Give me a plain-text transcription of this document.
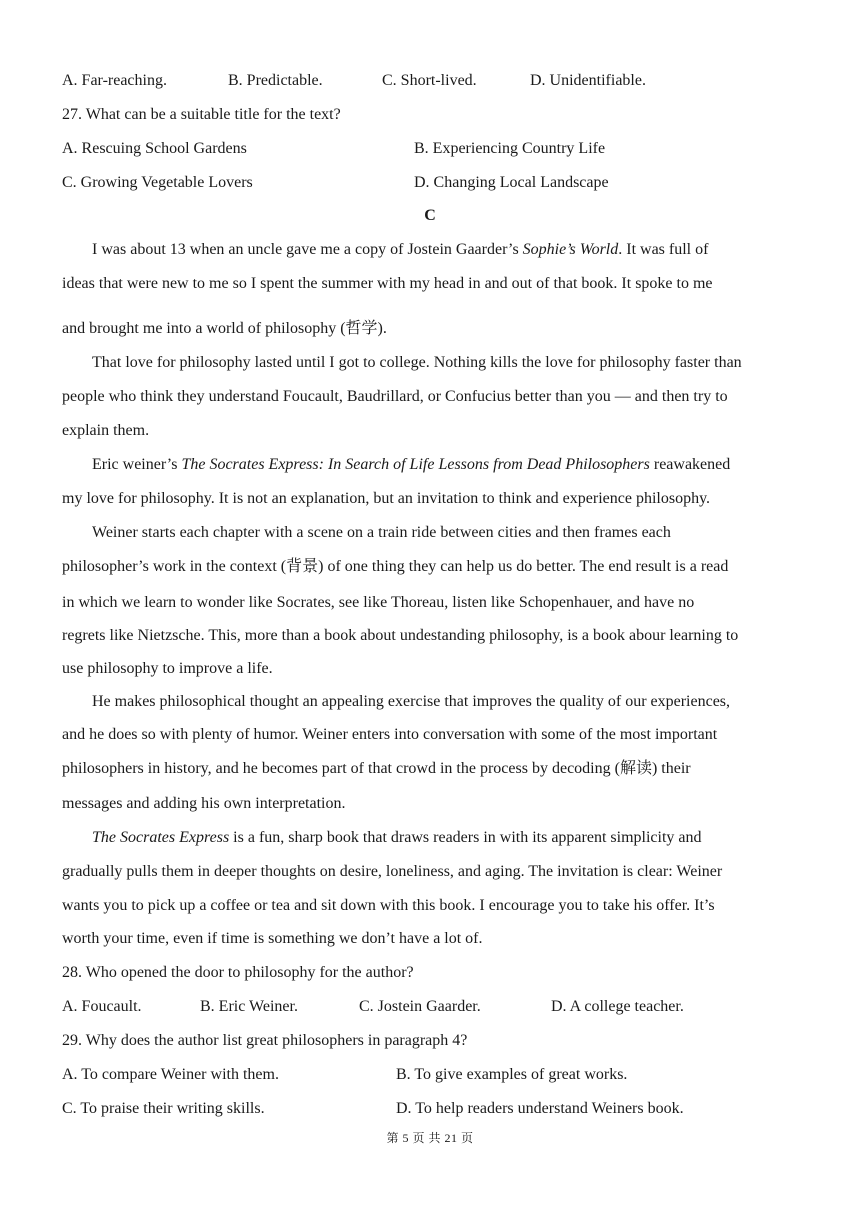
A. Far-reaching.	B. Predictable.	C. Short-lived.	D. Unidentifiable.
27. What can be a suitable title for the text?
A. Rescuing School Gardens	B. Experiencing Country Life
C. Growing Vegetable Lovers	D. Changing Local Landscape
C
I was about 13 when an uncle gave me a copy of Jostein Gaarder’s Sophie’s World. It was full of
ideas that were new to me so I spent the summer with my head in and out of that book. It spoke to me
and brought me into a world of philosophy (哲学).
That love for philosophy lasted until I got to college. Nothing kills the love for philosophy faster than
people who think they understand Foucault, Baudrillard, or Confucius better than you — and then try to
explain them.
Eric weiner’s The Socrates Express: In Search of Life Lessons from Dead Philosophers reawakened
my love for philosophy. It is not an explanation, but an invitation to think and experience philosophy.
Weiner starts each chapter with a scene on a train ride between cities and then frames each
philosopher’s work in the context (背景) of one thing they can help us do better. The end result is a read
in which we learn to wonder like Socrates, see like Thoreau, listen like Schopenhauer, and have no
regrets like Nietzsche. This, more than a book about undestanding philosophy, is a book abour learning to
use philosophy to improve a life.
He makes philosophical thought an appealing exercise that improves the quality of our experiences,
and he does so with plenty of humor. Weiner enters into conversation with some of the most important
philosophers in history, and he becomes part of that crowd in the process by decoding (解读) their
messages and adding his own interpretation.
The Socrates Express is a fun, sharp book that draws readers in with its apparent simplicity and
gradually pulls them in deeper thoughts on desire, loneliness, and aging. The invitation is clear: Weiner
wants you to pick up a coffee or tea and sit down with this book. I encourage you to take his offer. It’s
worth your time, even if time is something we don’t have a lot of.
28. Who opened the door to philosophy for the author?
A. Foucault.	B. Eric Weiner.	C. Jostein Gaarder.	D. A college teacher.
29. Why does the author list great philosophers in paragraph 4?
A. To compare Weiner with them.	B. To give examples of great works.
C. To praise their writing skills.	D. To help readers understand Weiners book.
第 5 页 共 21 页
